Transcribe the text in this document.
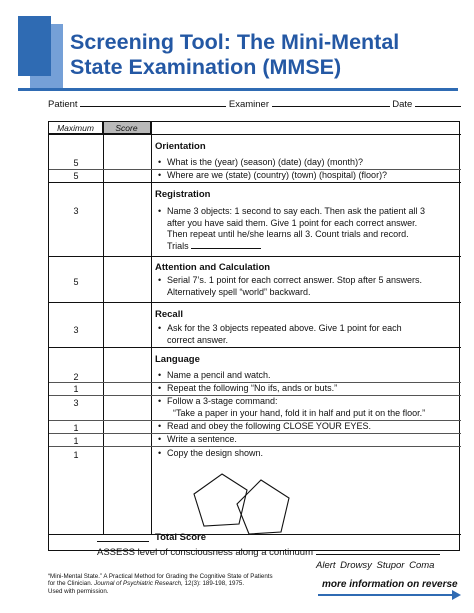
Screening Tool: The Mini-Mental
State Examination (MMSE)
Patient	Examiner	Date
Maximum	Score
Orientation
5	• What is the (year) (season) (date) (day) (month)?
5	• Where are we (state) (country) (town) (hospital) (floor)?
Registration
3	• Name 3 objects: 1 second to say each. Then ask the patient all 3
after you have said them. Give 1 point for each correct answer.
Then repeat until he/she learns all 3. Count trials and record.
Trials
Attention and Calculation
5	• Serial 7’s. 1 point for each correct answer. Stop after 5 answers.
Alternatively spell “world” backward.
Recall
3	• Ask for the 3 objects repeated above. Give 1 point for each
correct answer.
Language
2	• Name a pencil and watch.
1	• Repeat the following “No ifs, ands or buts.”
3	• Follow a 3-stage command:
“Take a paper in your hand, fold it in half and put it on the floor.”
1	• Read and obey the following CLOSE YOUR EYES.
1	• Write a sentence.
1	• Copy the design shown.
Total Score
ASSESS level of consciousness along a continuum
Alert Drowsy Stupor Coma
“Mini-Mental State.” A Practical Method for Grading the Cognitive State of Patients
for the Clinician. Journal of Psychiatric Research, 12(3): 189-198, 1975.
Used with permission.
more information on reverse
